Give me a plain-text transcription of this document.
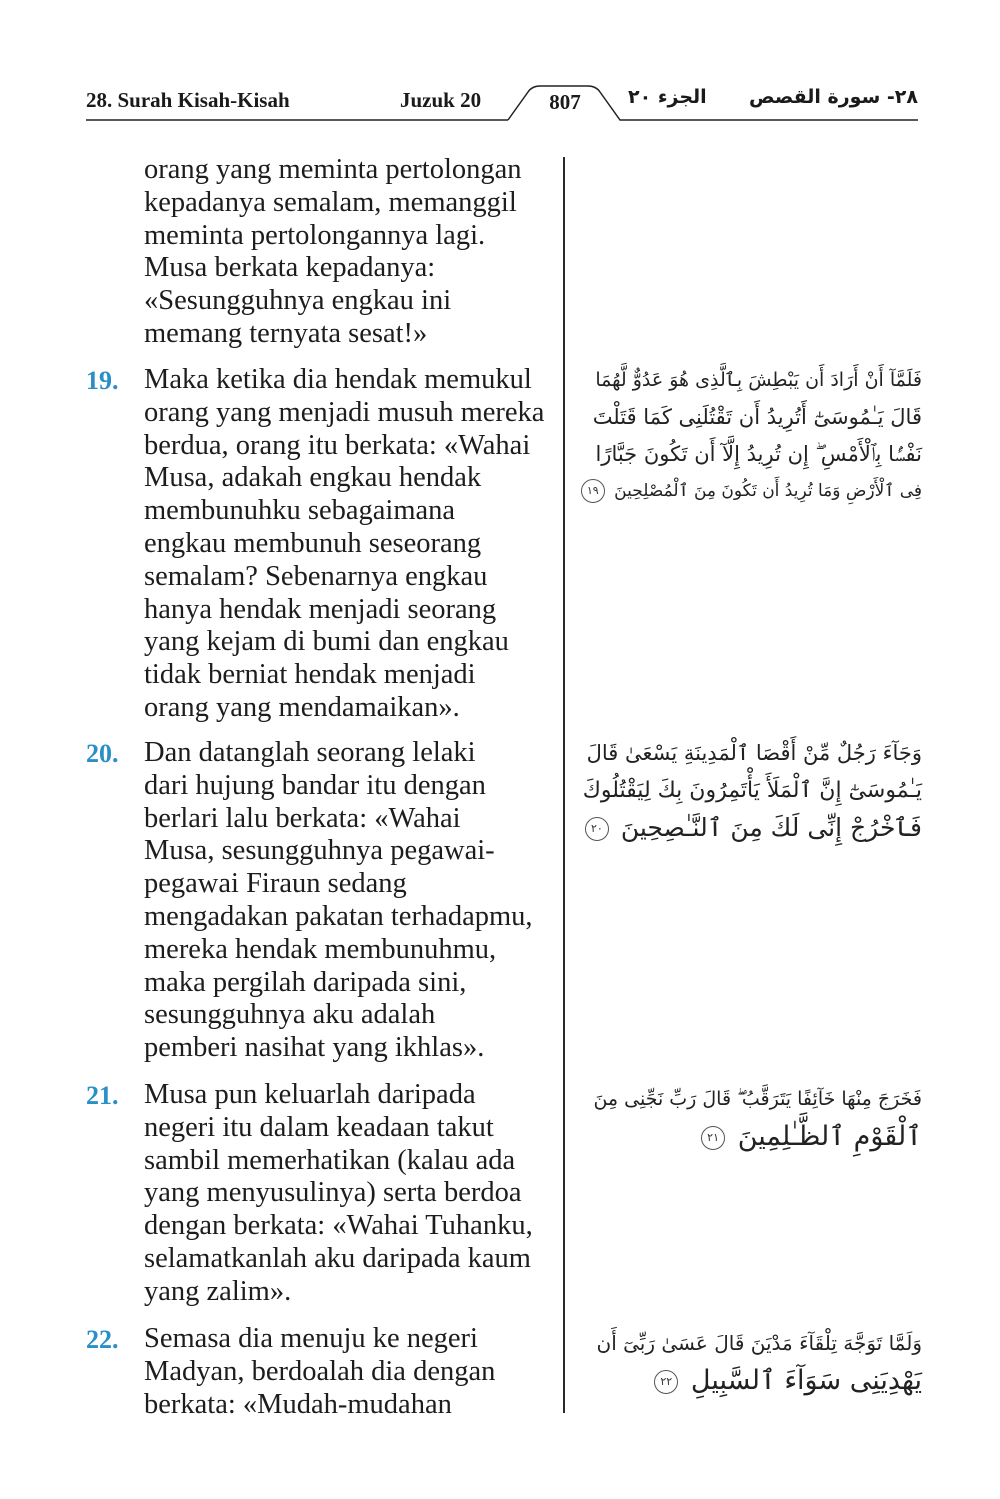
28. Surah Kisah-Kisah	Juzuk 20	807	الجزء ٢٠	٢٨- سورة القصص
orang yang meminta pertolongan
kepadanya semalam, memanggil
meminta pertolongannya lagi.
Musa berkata kepadanya:
«Sesungguhnya engkau ini
memang ternyata sesat!»
19. Maka ketika dia hendak memukul
orang yang menjadi musuh mereka
berdua, orang itu berkata: «Wahai
Musa, adakah engkau hendak
membunuhku sebagaimana
engkau membunuh seseorang
semalam? Sebenarnya engkau
hanya hendak menjadi seorang
yang kejam di bumi dan engkau
tidak berniat hendak menjadi
orang yang mendamaikan».
فَلَمَّآ أَنْ أَرَادَ أَن يَبْطِشَ بِٱلَّذِى هُوَ عَدُوٌّ لَّهُمَا
قَالَ يَـٰمُوسَىٰٓ أَتُرِيدُ أَن تَقْتُلَنِى كَمَا قَتَلْتَ
نَفْسًۢا بِٱلْأَمْسِ ۖ إِن تُرِيدُ إِلَّآ أَن تَكُونَ جَبَّارًا
فِى ٱلْأَرْضِ وَمَا تُرِيدُ أَن تَكُونَ مِنَ ٱلْمُصْلِحِينَ ١٩
20. Dan datanglah seorang lelaki
dari hujung bandar itu dengan
berlari lalu berkata: «Wahai
Musa, sesungguhnya pegawai-
pegawai Firaun sedang
mengadakan pakatan terhadapmu,
mereka hendak membunuhmu,
maka pergilah daripada sini,
sesungguhnya aku adalah
pemberi nasihat yang ikhlas».
وَجَآءَ رَجُلٌ مِّنْ أَقْصَا ٱلْمَدِينَةِ يَسْعَىٰ قَالَ
يَـٰمُوسَىٰٓ إِنَّ ٱلْمَلَأَ يَأْتَمِرُونَ بِكَ لِيَقْتُلُوكَ
فَٱخْرُجْ إِنِّى لَكَ مِنَ ٱلنَّـٰصِحِينَ ٢٠
21. Musa pun keluarlah daripada
negeri itu dalam keadaan takut
sambil memerhatikan (kalau ada
yang menyusulinya) serta berdoa
dengan berkata: «Wahai Tuhanku,
selamatkanlah aku daripada kaum
yang zalim».
فَخَرَجَ مِنْهَا خَآئِفًا يَتَرَقَّبُ ۖ قَالَ رَبِّ نَجِّنِى مِنَ
ٱلْقَوْمِ ٱلظَّـٰلِمِينَ ٢١
22. Semasa dia menuju ke negeri
Madyan, berdoalah dia dengan
berkata: «Mudah-mudahan
وَلَمَّا تَوَجَّهَ تِلْقَآءَ مَدْيَنَ قَالَ عَسَىٰ رَبِّىٓ أَن
يَهْدِيَنِى سَوَآءَ ٱلسَّبِيلِ ٢٢
